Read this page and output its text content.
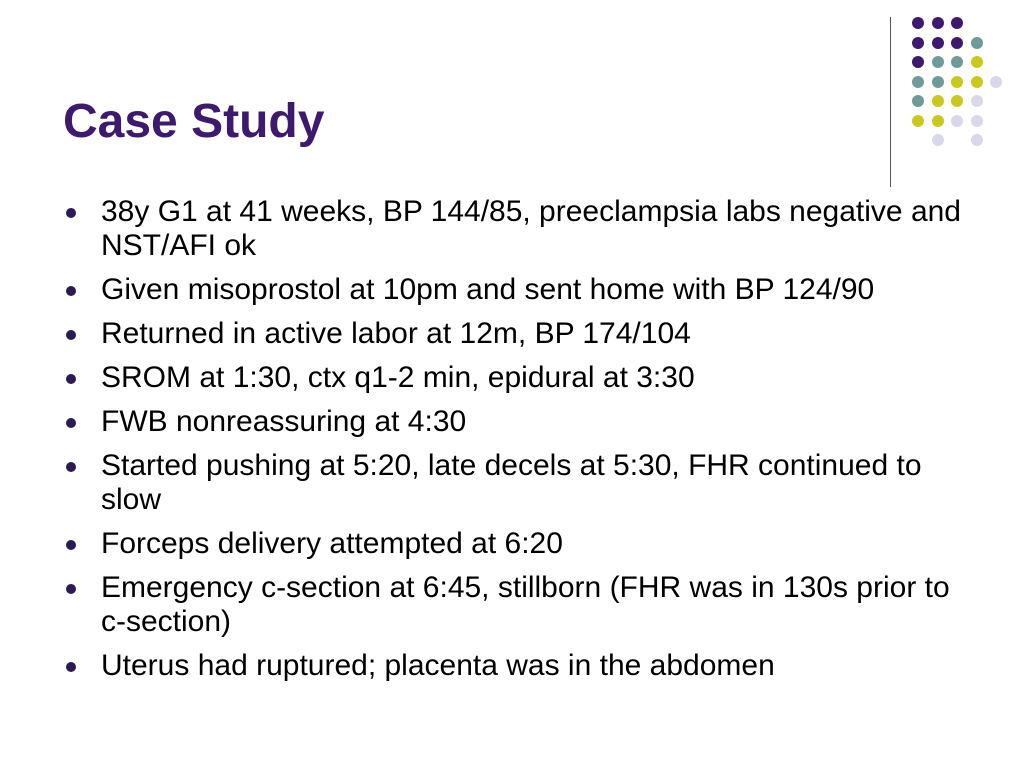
Case Study
38y G1 at 41 weeks, BP 144/85, preeclampsia labs negative and NST/AFI ok
Given misoprostol at 10pm and sent home with BP 124/90
Returned in active labor at 12m, BP 174/104
SROM at 1:30, ctx q1-2 min, epidural at 3:30
FWB nonreassuring at 4:30
Started pushing at 5:20, late decels at 5:30, FHR continued to slow
Forceps delivery attempted at 6:20
Emergency c-section at 6:45, stillborn (FHR was in 130s prior to c-section)
Uterus had ruptured; placenta was in the abdomen
